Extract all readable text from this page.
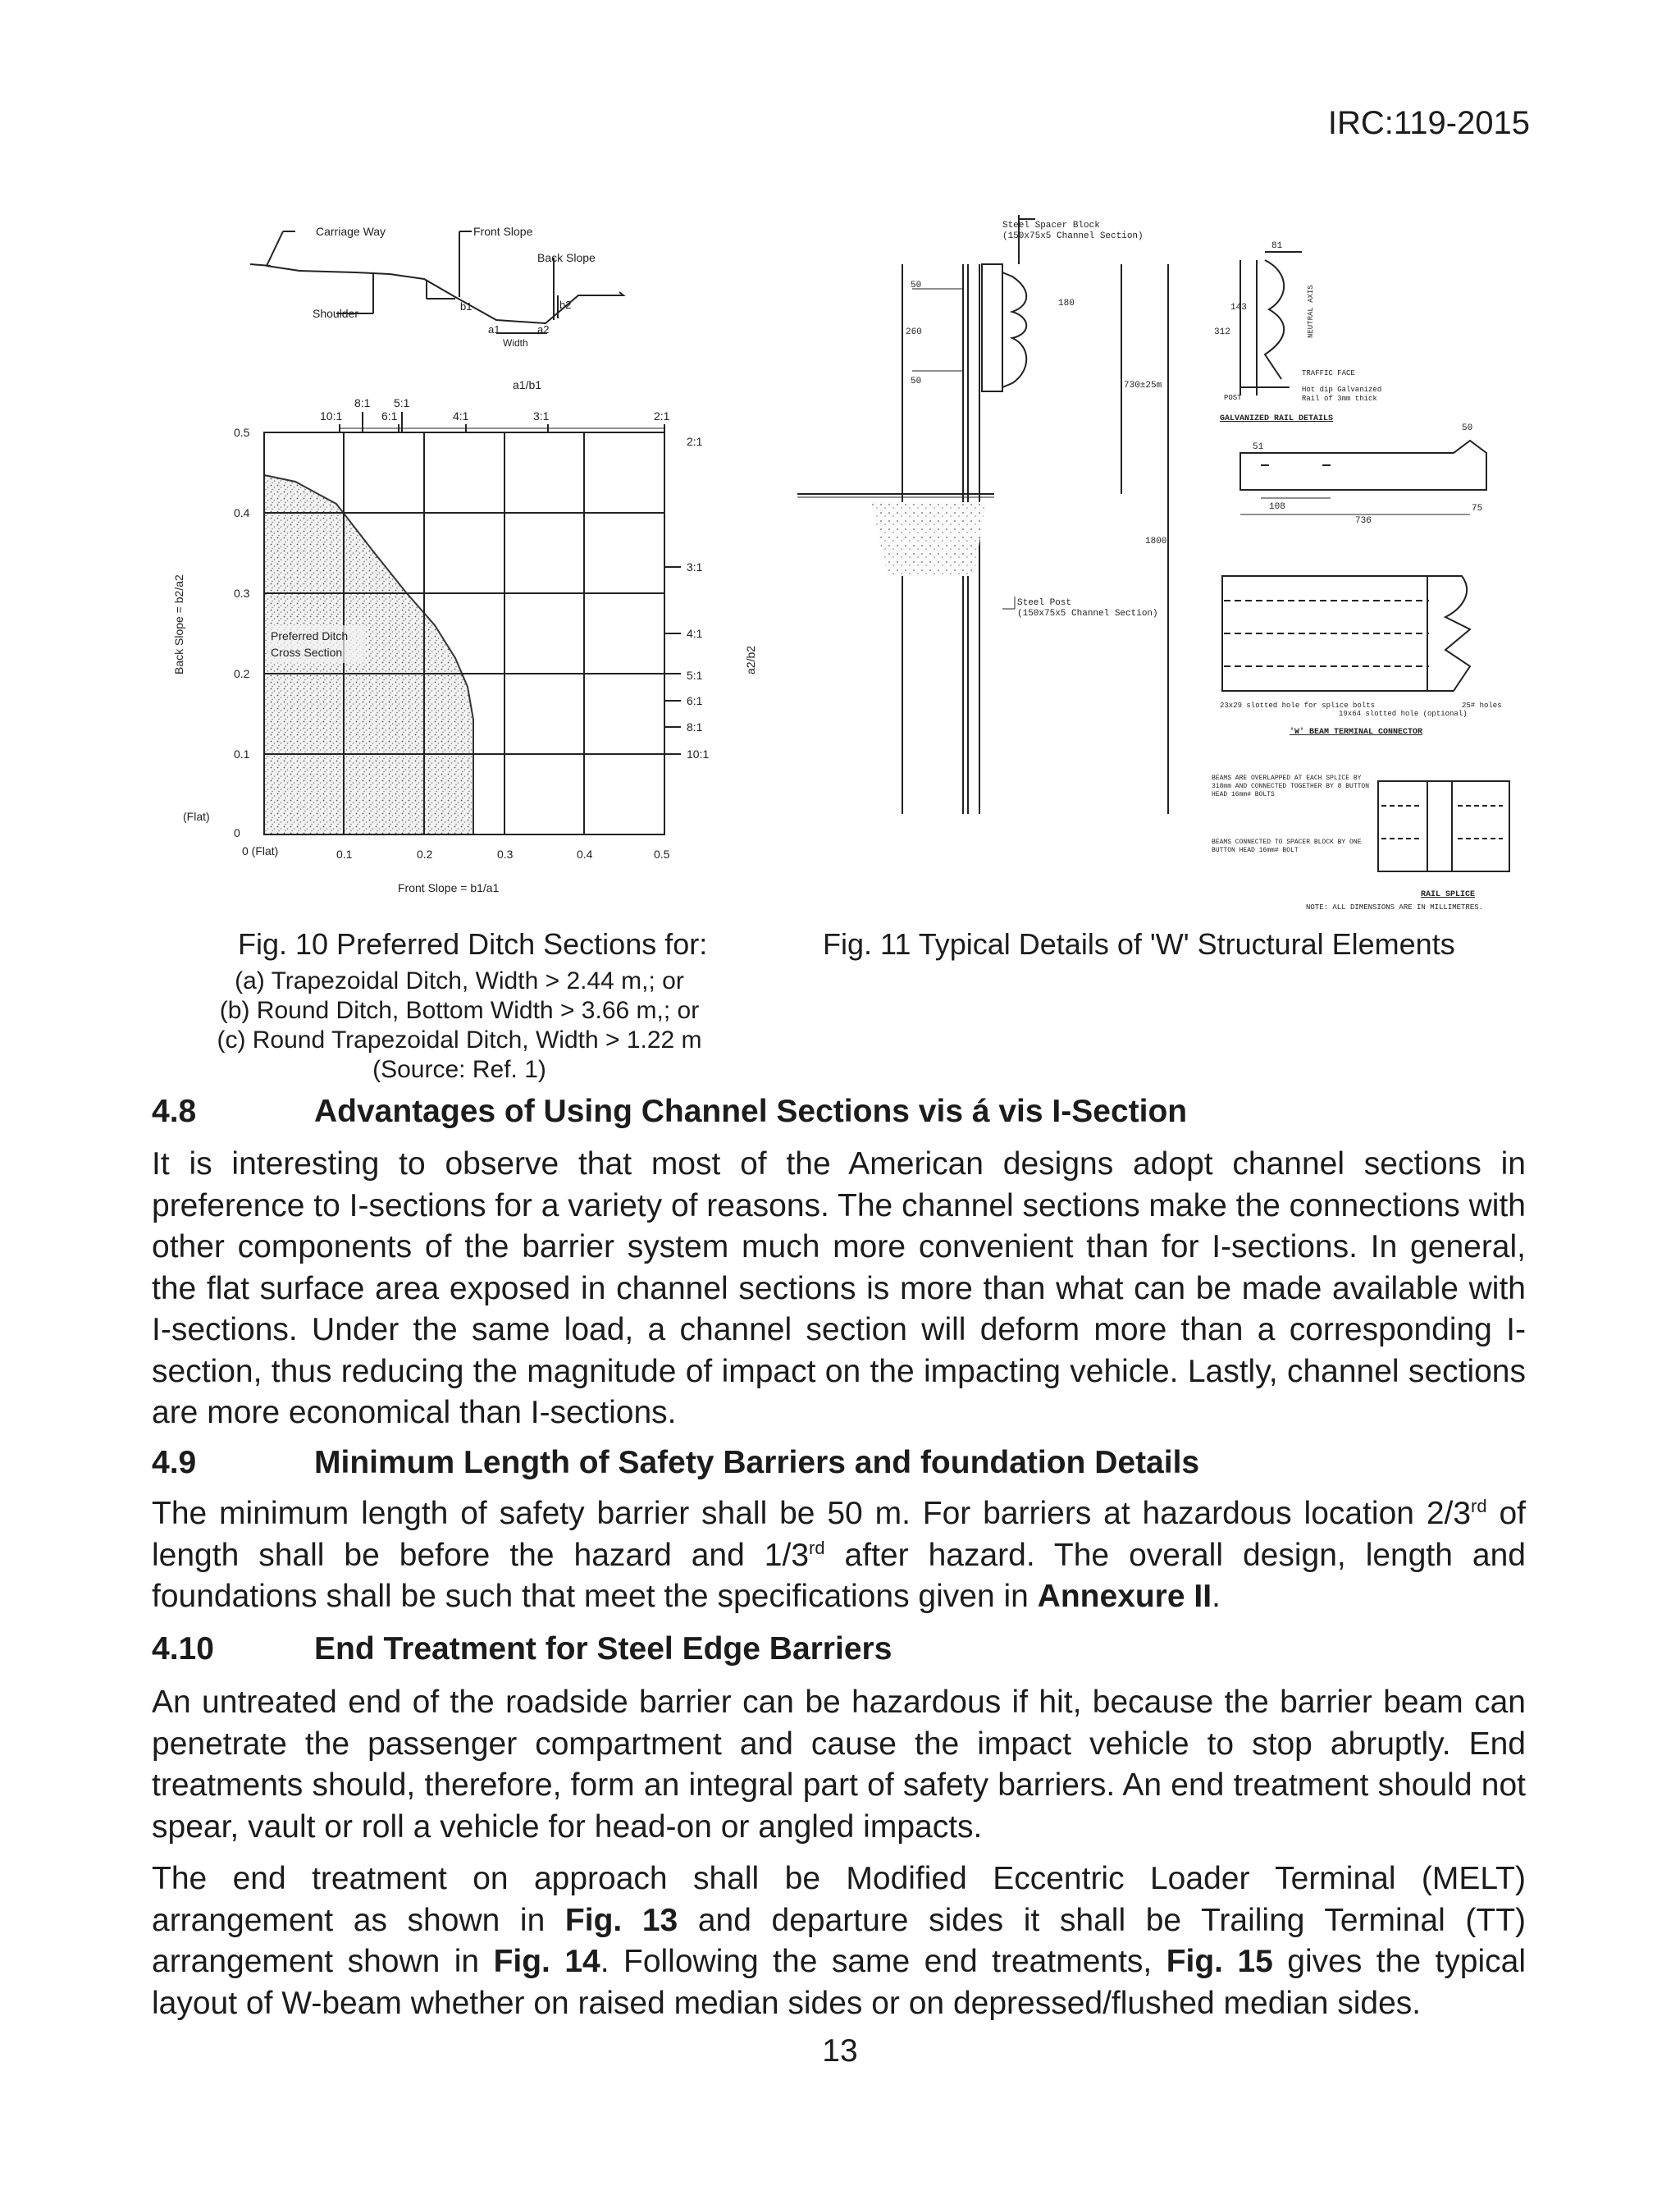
IRC:119-2015
Carriage Way	Front Slope
Back Slope
Shoulder
b1	b2
a1	a2
Width
a1/b1
10:1
8:1
6:1
5:1
4:1	3:1	2:1
2:1
3:1
4:1
5:1
6:1
8:1
10:1
a2/b2
0.5
0.4
0.3
0.2
0.1
(Flat)
0
Back Slope = b2/a2
0 (Flat)	0.1	0.2	0.3	0.4	0.5
Front Slope = b1/a1
Preferred Ditch
Cross Section
Steel Spacer Block
(150x75x5 Channel Section)
Steel Post
(150x75x5 Channel Section)
50
260
50
180
730±25m
1800
81
312
143	NEUTRAL AXIS
TRAFFIC FACE
Hot dip Galvanized
Rail of 3mm thick
POST
GALVANIZED RAIL DETAILS
50
51
108
736
75
23x29 slotted hole for splice bolts
19x64 slotted hole (optional)
25# holes
'W' BEAM TERMINAL CONNECTOR
BEAMS ARE OVERLAPPED AT EACH SPLICE BY 318mm AND CONNECTED TOGETHER BY 8 BUTTON HEAD 16mm# BOLTS
BEAMS CONNECTED TO SPACER BLOCK BY ONE BUTTON HEAD 16mm# BOLT
RAIL SPLICE
NOTE: ALL DIMENSIONS ARE IN MILLIMETRES.
Fig. 10 Preferred Ditch Sections for:
(a) Trapezoidal Ditch, Width > 2.44 m,; or
(b) Round Ditch, Bottom Width > 3.66 m,; or
(c) Round Trapezoidal Ditch, Width > 1.22 m
(Source: Ref. 1)
Fig. 11 Typical Details of 'W' Structural Elements
4.8	Advantages of Using Channel Sections vis á vis I-Section
It is interesting to observe that most of the American designs adopt channel sections in preference to I-sections for a variety of reasons. The channel sections make the connections with other components of the barrier system much more convenient than for I-sections. In general, the flat surface area exposed in channel sections is more than what can be made available with I-sections. Under the same load, a channel section will deform more than a corresponding I-section, thus reducing the magnitude of impact on the impacting vehicle. Lastly, channel sections are more economical than I-sections.
4.9	Minimum Length of Safety Barriers and foundation Details
The minimum length of safety barrier shall be 50 m. For barriers at hazardous location 2/3rd of length shall be before the hazard and 1/3rd after hazard. The overall design, length and foundations shall be such that meet the specifications given in Annexure II.
4.10	End Treatment for Steel Edge Barriers
An untreated end of the roadside barrier can be hazardous if hit, because the barrier beam can penetrate the passenger compartment and cause the impact vehicle to stop abruptly. End treatments should, therefore, form an integral part of safety barriers. An end treatment should not spear, vault or roll a vehicle for head-on or angled impacts.
The end treatment on approach shall be Modified Eccentric Loader Terminal (MELT) arrangement as shown in Fig. 13 and departure sides it shall be Trailing Terminal (TT) arrangement shown in Fig. 14. Following the same end treatments, Fig. 15 gives the typical layout of W-beam whether on raised median sides or on depressed/flushed median sides.
13
